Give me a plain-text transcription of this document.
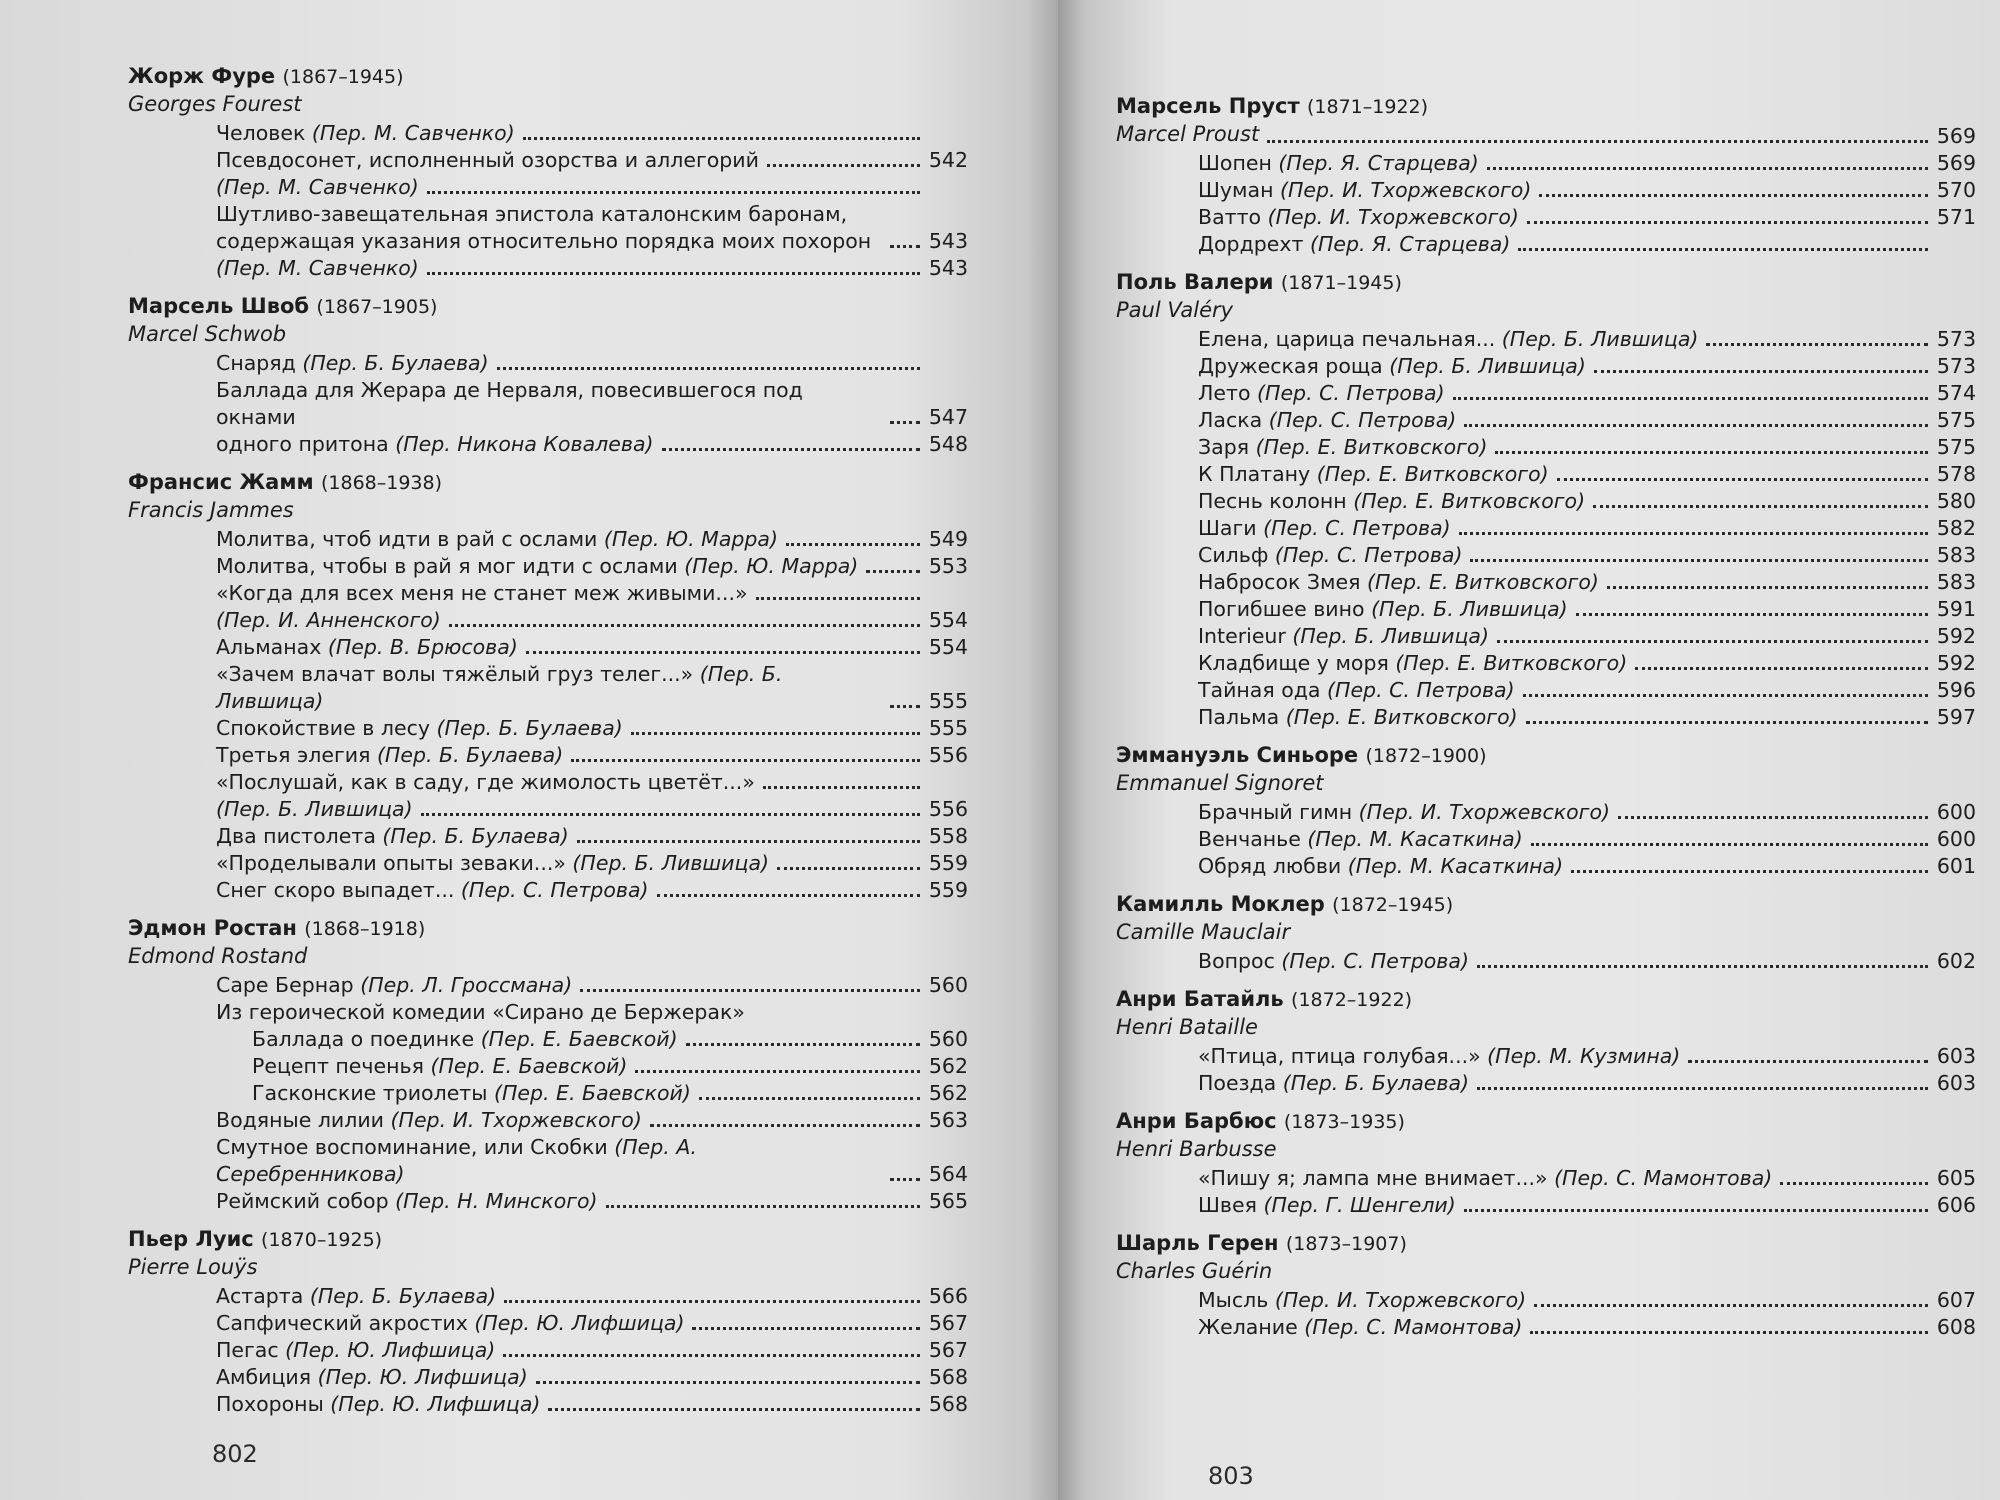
Жорж Фуре (1867–1945)
Georges Fourest
Человек (Пер. М. Савченко)
Псевдосонет, исполненный озорства и аллегорий	542
(Пер. М. Савченко)
Шутливо-завещательная эпистола каталонским баронам, содержащая указания относительно порядка моих похорон	543
(Пер. М. Савченко)	543
Марсель Швоб (1867–1905)
Marcel Schwob
Снаряд (Пер. Б. Булаева)
Баллада для Жерара де Нерваля, повесившегося под окнами	547
одного притона (Пер. Никона Ковалева)	548
Франсис Жамм (1868–1938)
Francis Jammes
Молитва, чтоб идти в рай с ослами (Пер. Ю. Марра)	549
Молитва, чтобы в рай я мог идти с ослами (Пер. Ю. Марра)	553
«Когда для всех меня не станет меж живыми...»
(Пер. И. Анненского)	554
Альманах (Пер. В. Брюсова)	554
«Зачем влачат волы тяжёлый груз телег...» (Пер. Б. Лившица)	555
Спокойствие в лесу (Пер. Б. Булаева)	555
Третья элегия (Пер. Б. Булаева)	556
«Послушай, как в саду, где жимолость цветёт...»
(Пер. Б. Лившица)	556
Два пистолета (Пер. Б. Булаева)	558
«Проделывали опыты зеваки...» (Пер. Б. Лившица)	559
Снег скоро выпадет... (Пер. С. Петрова)	559
Эдмон Ростан (1868–1918)
Edmond Rostand
Саре Бернар (Пер. Л. Гроссмана)	560
Из героической комедии «Сирано де Бержерак»
Баллада о поединке (Пер. Е. Баевской)	560
Рецепт печенья (Пер. Е. Баевской)	562
Гасконские триолеты (Пер. Е. Баевской)	562
Водяные лилии (Пер. И. Тхоржевского)	563
Смутное воспоминание, или Скобки (Пер. А. Серебренникова)	564
Реймский собор (Пер. Н. Минского)	565
Пьер Луис (1870–1925)
Pierre Louÿs
Астарта (Пер. Б. Булаева)	566
Сапфический акростих (Пер. Ю. Лифшица)	567
Пегас (Пер. Ю. Лифшица)	567
Амбиция (Пер. Ю. Лифшица)	568
Похороны (Пер. Ю. Лифшица)	568
802
Марсель Пруст (1871–1922)
Marcel Proust	569
Шопен (Пер. Я. Старцева)	569
Шуман (Пер. И. Тхоржевского)	570
Ватто (Пер. И. Тхоржевского)	571
Дордрехт (Пер. Я. Старцева)
Поль Валери (1871–1945)
Paul Valéry
Елена, царица печальная... (Пер. Б. Лившица)	573
Дружеская роща (Пер. Б. Лившица)	573
Лето (Пер. С. Петрова)	574
Ласка (Пер. С. Петрова)	575
Заря (Пер. Е. Витковского)	575
К Платану (Пер. Е. Витковского)	578
Песнь колонн (Пер. Е. Витковского)	580
Шаги (Пер. С. Петрова)	582
Сильф (Пер. С. Петрова)	583
Набросок Змея (Пер. Е. Витковского)	583
Погибшее вино (Пер. Б. Лившица)	591
Interieur (Пер. Б. Лившица)	592
Кладбище у моря (Пер. Е. Витковского)	592
Тайная ода (Пер. С. Петрова)	596
Пальма (Пер. Е. Витковского)	597
Эммануэль Синьоре (1872–1900)
Emmanuel Signoret
Брачный гимн (Пер. И. Тхоржевского)	600
Венчанье (Пер. М. Касаткина)	600
Обряд любви (Пер. М. Касаткина)	601
Камилль Моклер (1872–1945)
Camille Mauclair
Вопрос (Пер. С. Петрова)	602
Анри Батайль (1872–1922)
Henri Bataille
«Птица, птица голубая...» (Пер. М. Кузмина)	603
Поезда (Пер. Б. Булаева)	603
Анри Барбюс (1873–1935)
Henri Barbusse
«Пишу я; лампа мне внимает...» (Пер. С. Мамонтова)	605
Швея (Пер. Г. Шенгели)	606
Шарль Герен (1873–1907)
Charles Guérin
Мысль (Пер. И. Тхоржевского)	607
Желание (Пер. С. Мамонтова)	608
803
